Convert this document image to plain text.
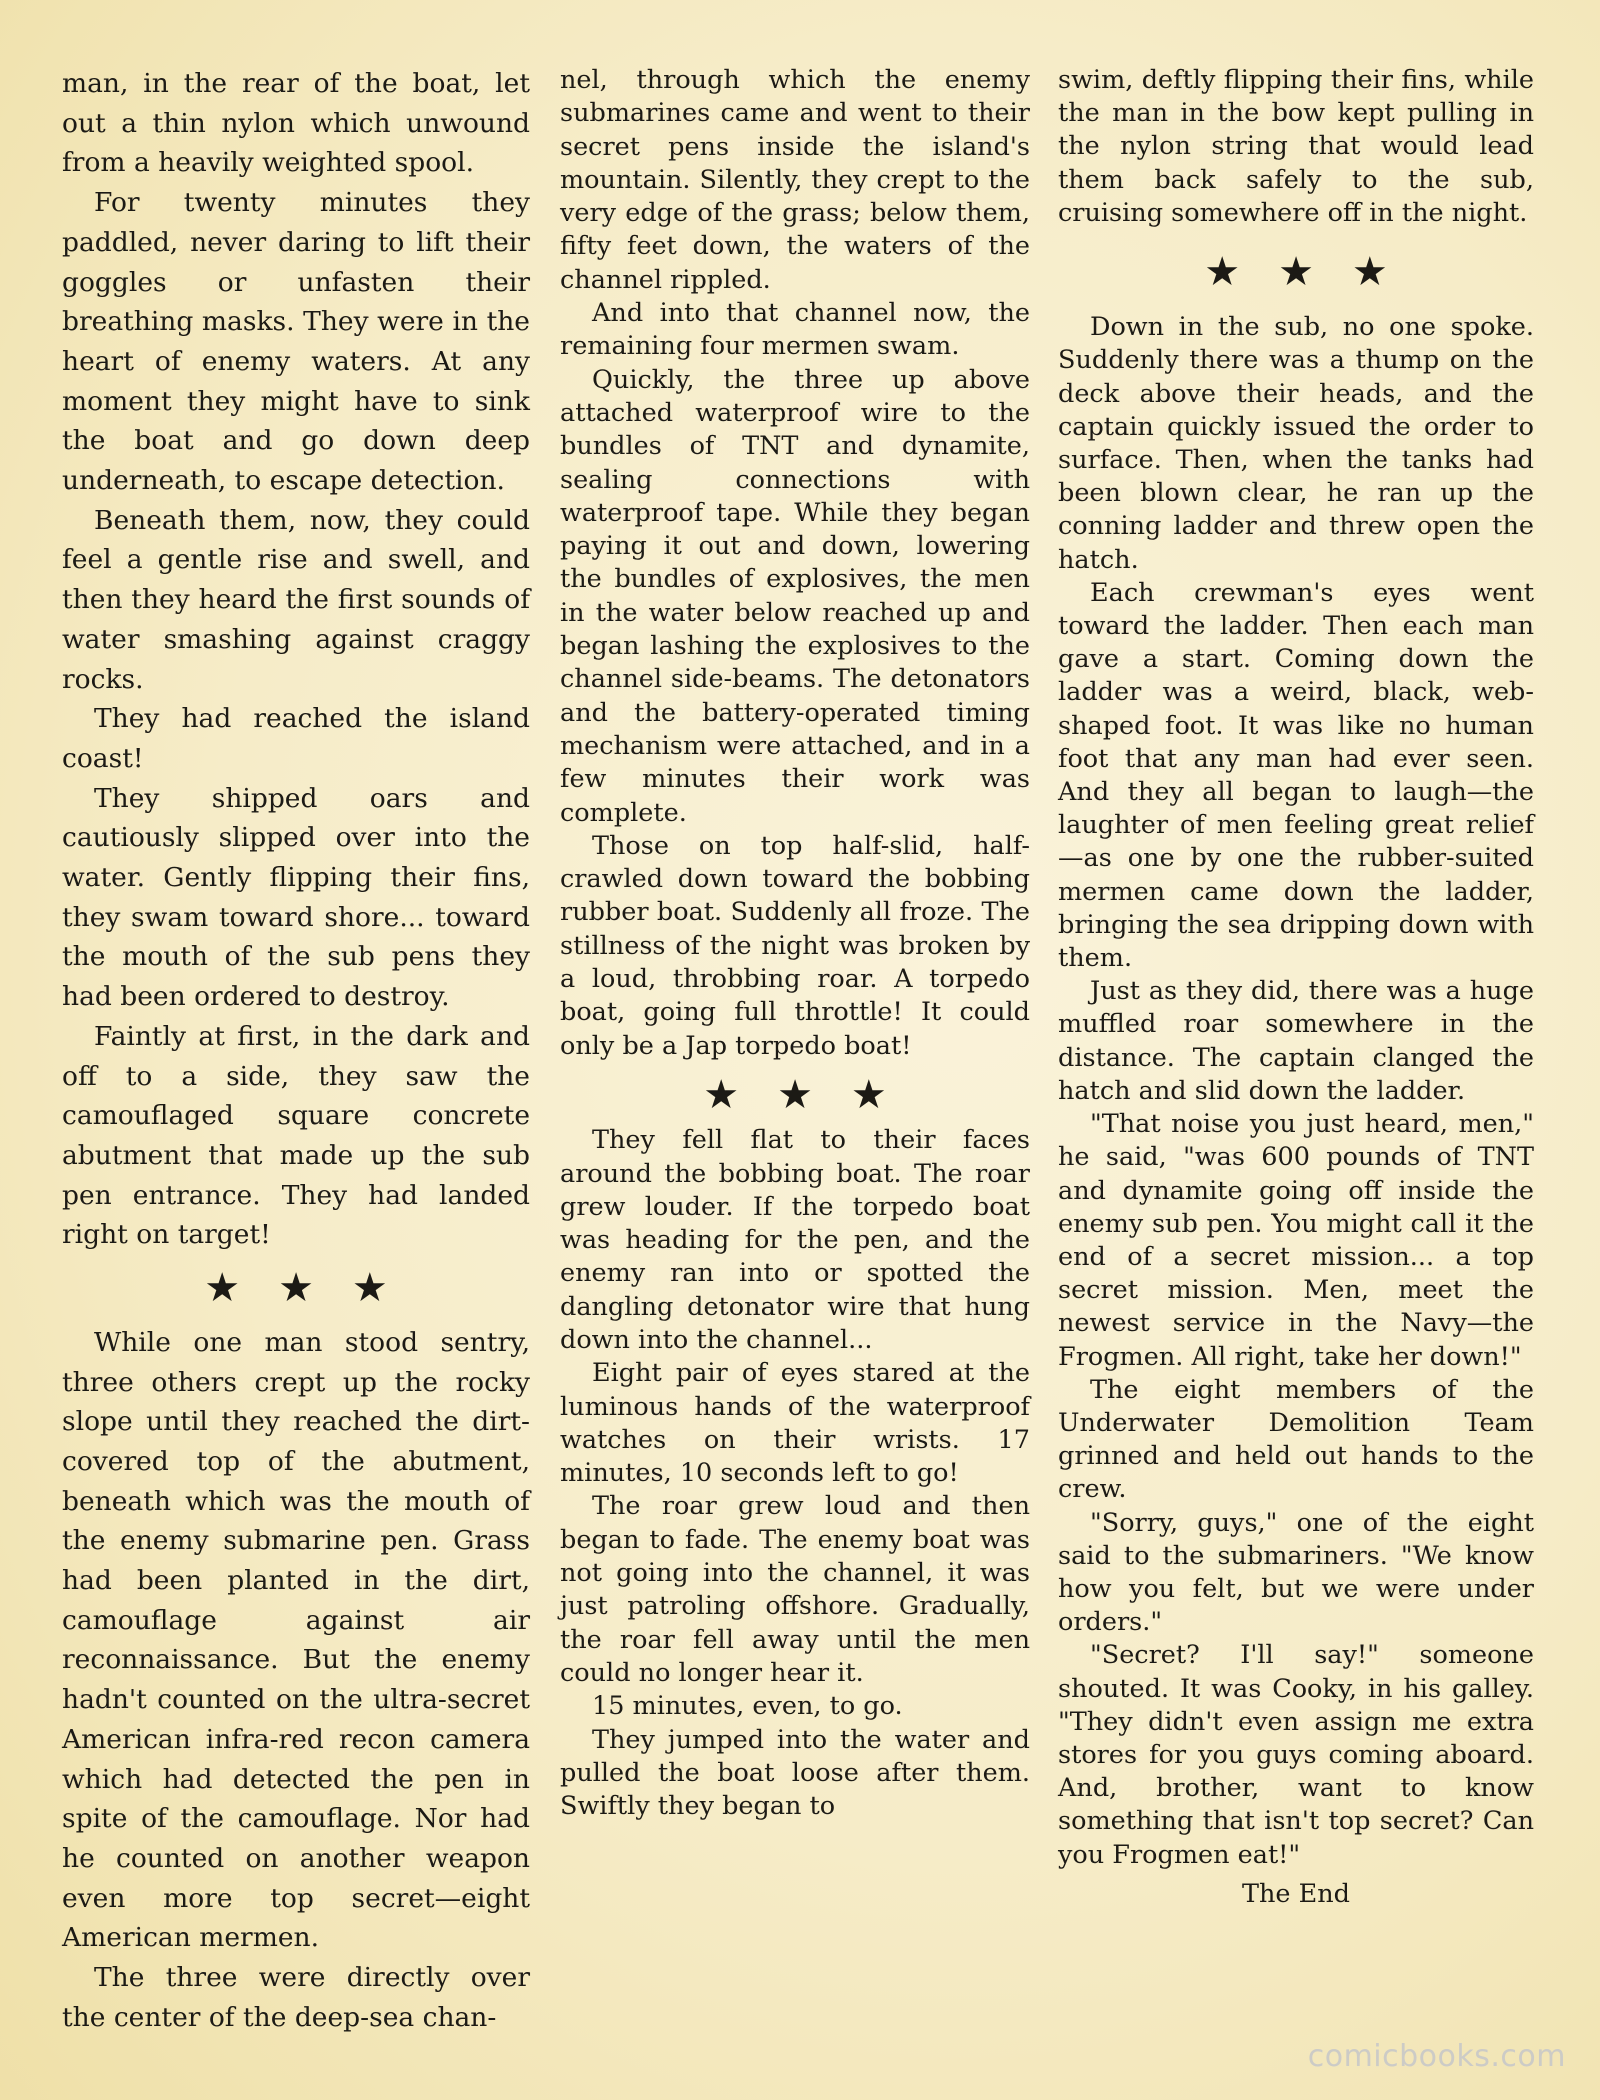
man, in the rear of the boat, let out a thin nylon which unwound from a heavily weighted spool.

For twenty minutes they paddled, never daring to lift their goggles or unfasten their breathing masks. They were in the heart of enemy waters. At any moment they might have to sink the boat and go down deep underneath, to escape detection.

Beneath them, now, they could feel a gentle rise and swell, and then they heard the first sounds of water smashing against craggy rocks.

They had reached the island coast!

They shipped oars and cautiously slipped over into the water. Gently flipping their fins, they swam toward shore... toward the mouth of the sub pens they had been ordered to destroy.

Faintly at first, in the dark and off to a side, they saw the camouflaged square concrete abutment that made up the sub pen entrance. They had landed right on target!

★★★

While one man stood sentry, three others crept up the rocky slope until they reached the dirt-covered top of the abutment, beneath which was the mouth of the enemy submarine pen. Grass had been planted in the dirt, camouflage against air reconnaissance. But the enemy hadn't counted on the ultra-secret American infra-red recon camera which had detected the pen in spite of the camouflage. Nor had he counted on another weapon even more top secret—eight American mermen.

The three were directly over the center of the deep-sea chan-

nel, through which the enemy submarines came and went to their secret pens inside the island's mountain. Silently, they crept to the very edge of the grass; below them, fifty feet down, the waters of the channel rippled.

And into that channel now, the remaining four mermen swam.

Quickly, the three up above attached waterproof wire to the bundles of TNT and dynamite, sealing connections with waterproof tape. While they began paying it out and down, lowering the bundles of explosives, the men in the water below reached up and began lashing the explosives to the channel side-beams. The detonators and the battery-operated timing mechanism were attached, and in a few minutes their work was complete.

Those on top half-slid, half-crawled down toward the bobbing rubber boat. Suddenly all froze. The stillness of the night was broken by a loud, throbbing roar. A torpedo boat, going full throttle! It could only be a Jap torpedo boat!

★★★

They fell flat to their faces around the bobbing boat. The roar grew louder. If the torpedo boat was heading for the pen, and the enemy ran into or spotted the dangling detonator wire that hung down into the channel...

Eight pair of eyes stared at the luminous hands of the waterproof watches on their wrists. 17 minutes, 10 seconds left to go!

The roar grew loud and then began to fade. The enemy boat was not going into the channel, it was just patroling offshore. Gradually, the roar fell away until the men could no longer hear it.

15 minutes, even, to go.

They jumped into the water and pulled the boat loose after them. Swiftly they began to

swim, deftly flipping their fins, while the man in the bow kept pulling in the nylon string that would lead them back safely to the sub, cruising somewhere off in the night.

★★★

Down in the sub, no one spoke. Suddenly there was a thump on the deck above their heads, and the captain quickly issued the order to surface. Then, when the tanks had been blown clear, he ran up the conning ladder and threw open the hatch.

Each crewman's eyes went toward the ladder. Then each man gave a start. Coming down the ladder was a weird, black, web-shaped foot. It was like no human foot that any man had ever seen. And they all began to laugh—the laughter of men feeling great relief—as one by one the rubber-suited mermen came down the ladder, bringing the sea dripping down with them.

Just as they did, there was a huge muffled roar somewhere in the distance. The captain clanged the hatch and slid down the ladder.

"That noise you just heard, men," he said, "was 600 pounds of TNT and dynamite going off inside the enemy sub pen. You might call it the end of a secret mission... a top secret mission. Men, meet the newest service in the Navy—the Frogmen. All right, take her down!"

The eight members of the Underwater Demolition Team grinned and held out hands to the crew.

"Sorry, guys," one of the eight said to the submariners. "We know how you felt, but we were under orders."

"Secret? I'll say!" someone shouted. It was Cooky, in his galley. "They didn't even assign me extra stores for you guys coming aboard. And, brother, want to know something that isn't top secret? Can you Frogmen eat!"

The End

comicbooks.com
